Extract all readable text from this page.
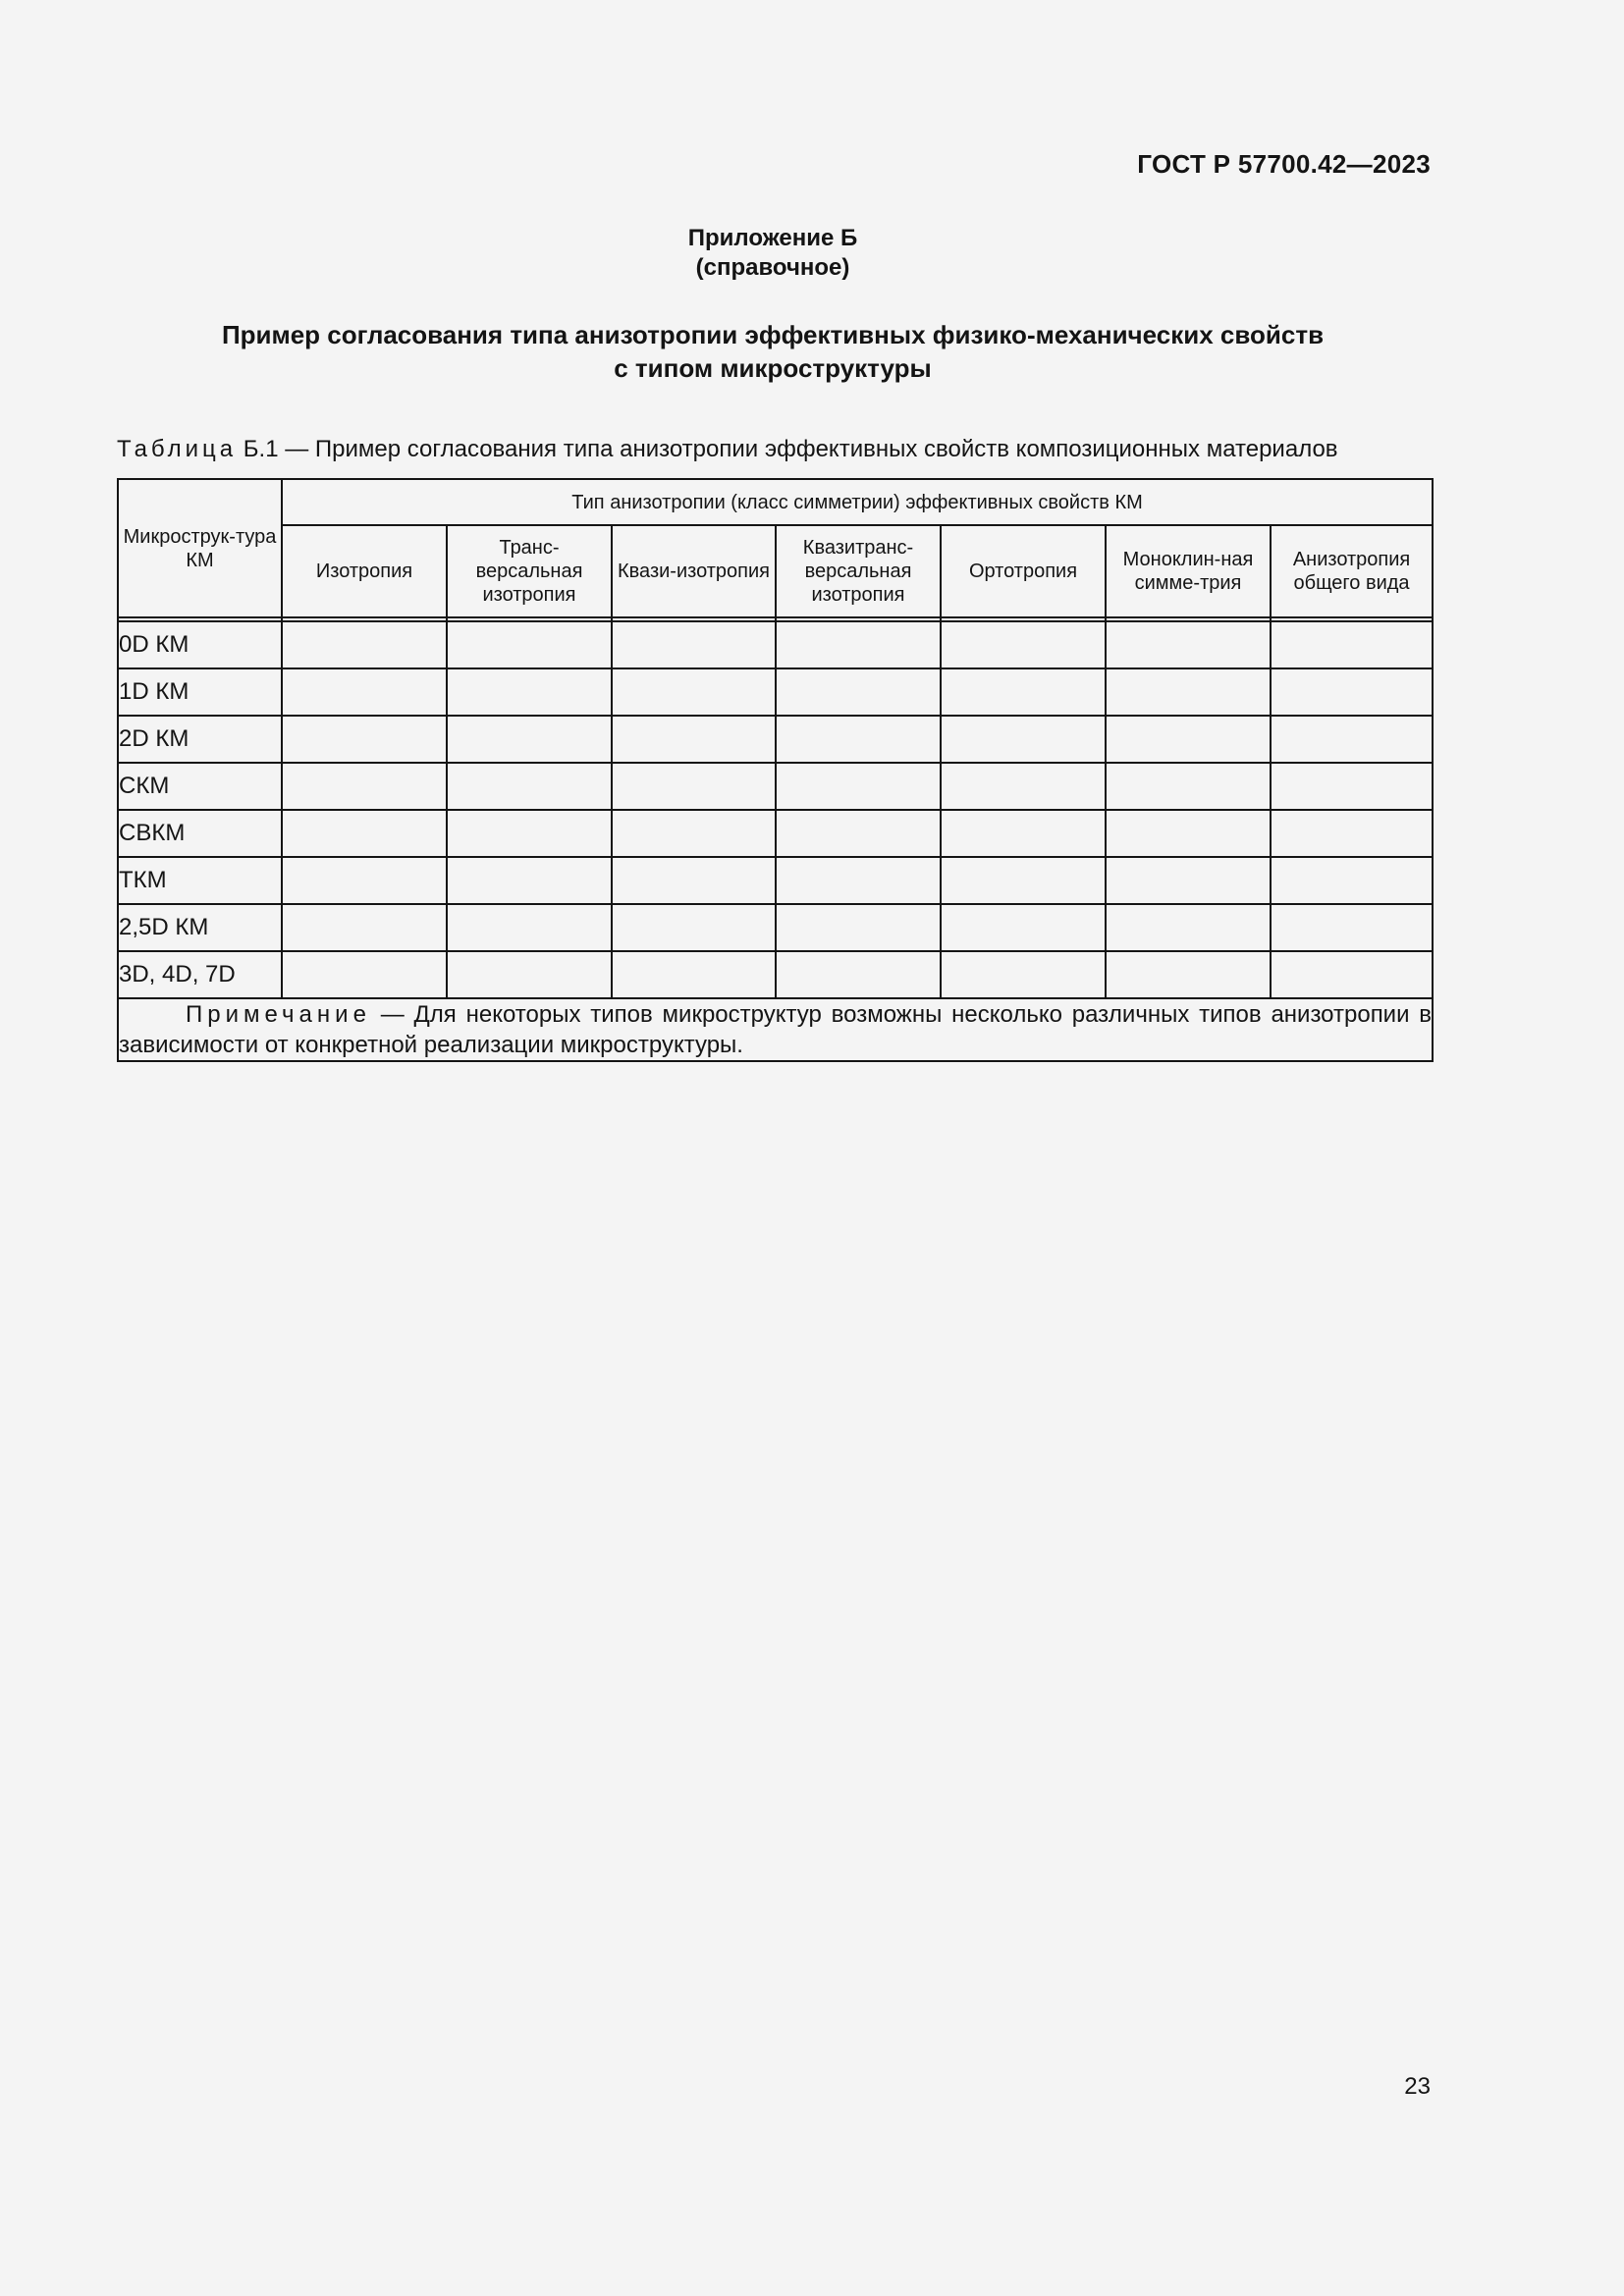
ГОСТ Р 57700.42—2023
Приложение Б
(справочное)
Пример согласования типа анизотропии эффективных физико-механических свойств
с типом микроструктуры
Таблица Б.1 — Пример согласования типа анизотропии эффективных свойств композиционных материалов
Микрострук-тура КМ	Тип анизотропии (класс симметрии) эффективных свойств КМ						
	Изотропия	Транс-версальная изотропия	Квази-изотропия	Квазитранс-версальная изотропия	Ортотропия	Моноклин-ная симме-трия	Анизотропия общего вида

0D КМ							
1D КМ							
2D КМ							
СКМ							
СВКМ							
ТКМ							
2,5D КМ							
3D, 4D, 7D							
Примечание — Для некоторых типов микроструктур возможны несколько различных типов анизотропии в зависимости от конкретной реализации микроструктуры.							
23
